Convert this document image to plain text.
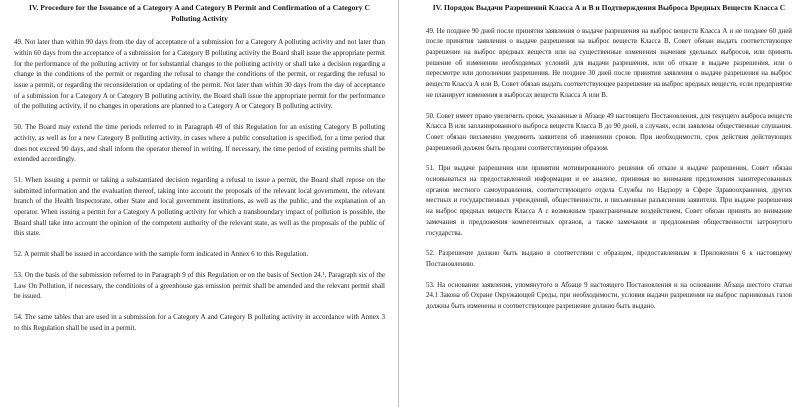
IV. Procedure for the Issuance of a Category A and Category B Permit and Confirmation of a Category C Polluting Activity

49. Not later than within 90 days from the day of acceptance of a submission for a Category A polluting activity and not later than within 60 days from the acceptance of a submission for a Category B polluting activity the Board shall issue the appropriate permit for the performance of the polluting activity or for substantial changes to the polluting activity or shall take a decision regarding a change in the conditions of the permit or regarding the refusal to change the conditions of the permit, or regarding the refusal to issue a permit, or regarding the reconsideration or updating of the permit. Not later than within 30 days from the day of acceptance of a submission for a Category A or Category B polluting activity, the Board shall issue the appropriate permit for the performance of the polluting activity, if no changes in operations are planned to a Category A or Category B polluting activity.

50. The Board may extend the time periods referred to in Paragraph 49 of this Regulation for an existing Category B polluting activity, as well as for a new Category B polluting activity, in cases where a public consultation is specified, for a time period that does not exceed 90 days, and shall inform the operator thereof in writing. If necessary, the time period of existing permits shall be extended accordingly.

51. When issuing a permit or taking a substantiated decision regarding a refusal to issue a permit, the Board shall repose on the submitted information and the evaluation thereof, taking into account the proposals of the relevant local government, the relevant branch of the Health Inspectorate, other State and local government institutions, as well as the public, and the explanation of an operator. When issuing a permit for a Category A polluting activity for which a transboundary impact of pollution is possible, the Board shall take into account the opinion of the competent authority of the relevant state, as well as the proposals of the public of this state.

52. A permit shall be issued in accordance with the sample form indicated in Annex 6 to this Regulation.

53. On the basis of the submission referred to in Paragraph 9 of this Regulation or on the basis of Section 24.¹, Paragraph six of the Law On Pollution, if necessary, the conditions of a greenhouse gas emission permit shall be amended and the relevant permit shall be issued.

54. The same tables that are used in a submission for a Category A and Category B polluting activity in accordance with Annex 3 to this Regulation shall be used in a permit.

IV. Порядок Выдачи Разрешений Класса А и В и Подтверждения Выброса Вредных Веществ Класса С

49. Не позднее 90 дней после принятия заявления о выдаче разрешения на выброс веществ Класса А и не позднее 60 дней после принятия заявления о выдаче разрешения на выброс веществ Класса В, Совет обязан выдать соответствующее разрешение на выброс вредных веществ или на существенные изменения значения удельных выбросов, или принять решение об изменении необходимых условий для выдачи разрешения, или об отказе в выдаче разрешения, или о пересмотре или дополнении разрешения. Не позднее 30 дней после принятия заявления о выдаче разрешения на выброс веществ Класса А или В, Совет обязан выдать соответствующее разрешение на выброс вредных веществ, если предприятие не планирует изменения в выбросах веществ Класса А или В.

50. Совет имеет право увеличить сроки, указанные в Абзаце 49 настоящего Постановления, для текущего выброса веществ Класса В или запланированного выброса веществ Класса В до 90 дней, в случаях, если заявлены общественные слушания. Совет обязан письменно уведомить заявителя об изменении сроков. При необходимости, срок действия действующих разрешений должен быть продлен соответствующим образом.

51. При выдаче разрешения или принятии мотивированного решения об отказе в выдаче разрешения, Совет обязан основываться на предоставленной информации и ее анализе, принимая во внимания предложения заинтересованных органов местного самоуправления, соответствующего отдела Службы по Надзору в Сфере Здравоохранения, других местных и государственных учреждений, общественности, и письменные разъяснения заявителя. При выдаче разрешения на выброс вредных веществ Класса А с возможным трансграничным воздействием, Совет обязан принять во внимание замечания и предложения компетентных органов, а также замечания и предложения общественности затронутого государства.

52. Разрешение должно быть выдано в соответствии с образцом, предоставленным в Приложении 6 к настоящему Постановлению.

53. На основании заявления, упомянутого в Абзаце 9 настоящего Постановления и на основании Абзаца шестого статьи 24.1 Закона об Охране Окружающей Среды, при необходимости, условия выдачи разрешения на выброс парниковых газов должны быть изменены и соответствующее разрешение должно быть выдано.
